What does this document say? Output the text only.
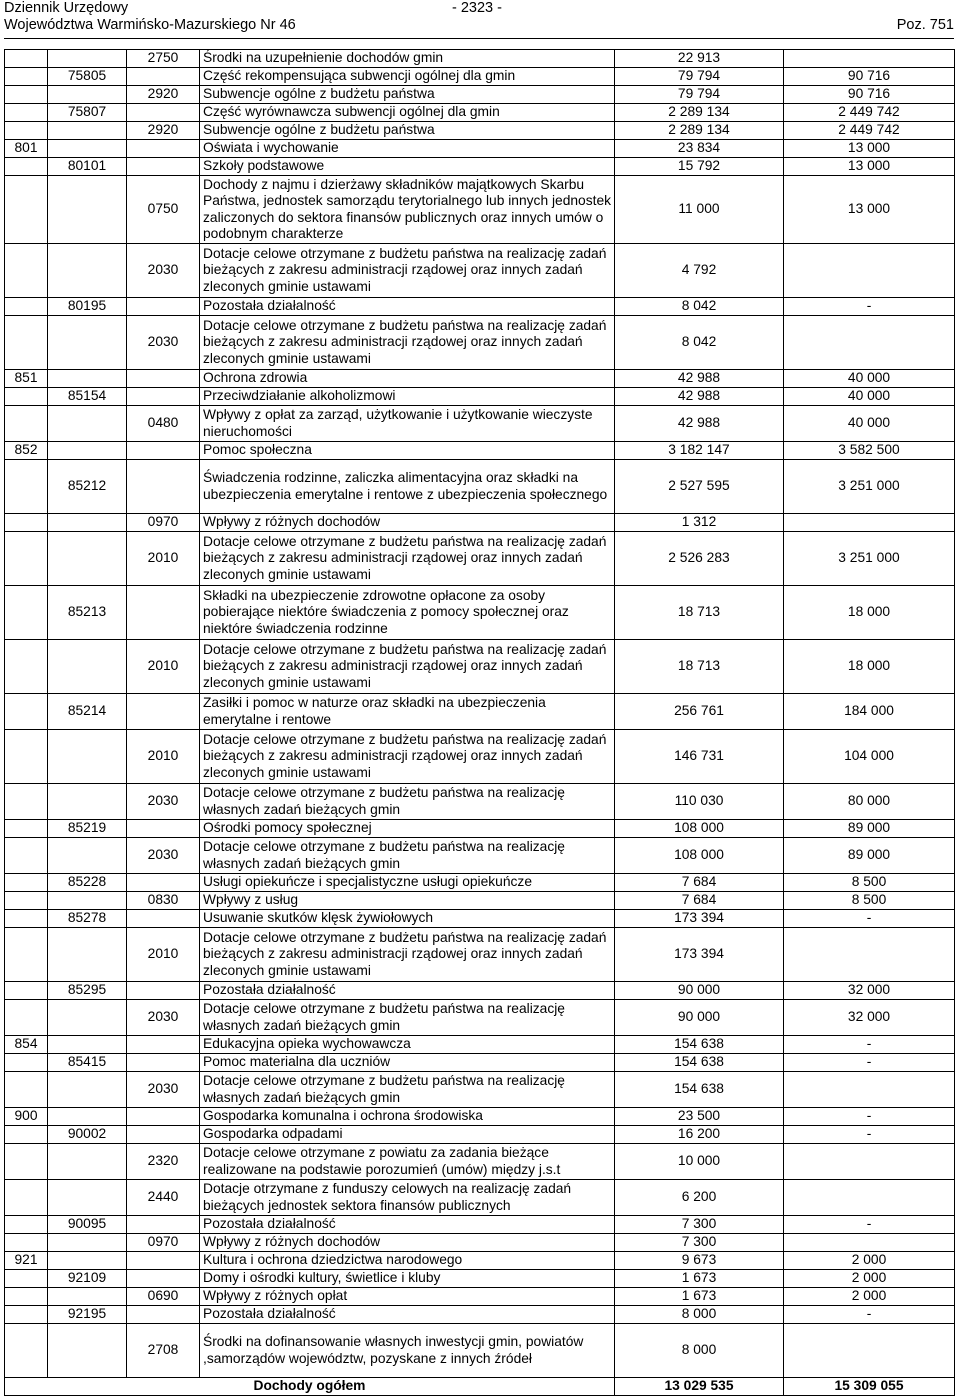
Dziennik Urzędowy	- 2323 -
Województwa Warmińsko-Mazurskiego Nr 46	Poz. 751
		2750	Środki na uzupełnienie dochodów gmin	22 913	
	75805		Część rekompensująca subwencji ogólnej dla gmin	79 794	90 716
		2920	Subwencje ogólne z budżetu państwa	79 794	90 716
	75807		Część wyrównawcza subwencji ogólnej dla gmin	2 289 134	2 449 742
		2920	Subwencje ogólne z budżetu państwa	2 289 134	2 449 742
801			Oświata i wychowanie	23 834	13 000
	80101		Szkoły podstawowe	15 792	13 000
		0750	Dochody z najmu i dzierżawy składników majątkowych Skarbu Państwa, jednostek samorządu terytorialnego lub innych jednostek zaliczonych do sektora finansów publicznych oraz innych umów o podobnym charakterze	11 000	13 000
		2030	Dotacje celowe otrzymane z budżetu państwa na realizację zadań bieżących z zakresu administracji rządowej oraz innych zadań zleconych gminie ustawami	4 792	
	80195		Pozostała działalność	8 042	-
		2030	Dotacje celowe otrzymane z budżetu państwa na realizację zadań bieżących z zakresu administracji rządowej oraz innych zadań zleconych gminie ustawami	8 042	
851			Ochrona zdrowia	42 988	40 000
	85154		Przeciwdziałanie alkoholizmowi	42 988	40 000
		0480	Wpływy z opłat za zarząd, użytkowanie i użytkowanie wieczyste nieruchomości	42 988	40 000
852			Pomoc społeczna	3 182 147	3 582 500
	85212		Świadczenia rodzinne, zaliczka alimentacyjna oraz składki na ubezpieczenia emerytalne i rentowe z ubezpieczenia społecznego	2 527 595	3 251 000
		0970	Wpływy z różnych dochodów	1 312	
		2010	Dotacje celowe otrzymane z budżetu państwa na realizację zadań bieżących z zakresu administracji rządowej oraz innych zadań zleconych gminie ustawami	2 526 283	3 251 000
	85213		Składki na ubezpieczenie zdrowotne opłacone za osoby pobierające niektóre świadczenia z pomocy społecznej oraz niektóre świadczenia rodzinne	18 713	18 000
		2010	Dotacje celowe otrzymane z budżetu państwa na realizację zadań bieżących z zakresu administracji rządowej oraz innych zadań zleconych gminie ustawami	18 713	18 000
	85214		Zasiłki i pomoc w naturze oraz składki na ubezpieczenia emerytalne i rentowe	256 761	184 000
		2010	Dotacje celowe otrzymane z budżetu państwa na realizację zadań bieżących z zakresu administracji rządowej oraz innych zadań zleconych gminie ustawami	146 731	104 000
		2030	Dotacje celowe otrzymane z budżetu państwa na realizację własnych zadań bieżących gmin	110 030	80 000
	85219		Ośrodki pomocy społecznej	108 000	89 000
		2030	Dotacje celowe otrzymane z budżetu państwa na realizację własnych zadań bieżących gmin	108 000	89 000
	85228		Usługi opiekuńcze i specjalistyczne usługi opiekuńcze	7 684	8 500
		0830	Wpływy z usług	7 684	8 500
	85278		Usuwanie skutków klęsk żywiołowych	173 394	-
		2010	Dotacje celowe otrzymane z budżetu państwa na realizację zadań bieżących z zakresu administracji rządowej oraz innych zadań zleconych gminie ustawami	173 394	
	85295		Pozostała działalność	90 000	32 000
		2030	Dotacje celowe otrzymane z budżetu państwa na realizację własnych zadań bieżących gmin	90 000	32 000
854			Edukacyjna opieka wychowawcza	154 638	-
	85415		Pomoc materialna dla uczniów	154 638	-
		2030	Dotacje celowe otrzymane z budżetu państwa na realizację własnych zadań bieżących gmin	154 638	
900			Gospodarka komunalna i ochrona środowiska	23 500	-
	90002		Gospodarka odpadami	16 200	-
		2320	Dotacje celowe otrzymane z powiatu za zadania bieżące realizowane na podstawie porozumień (umów) między j.s.t	10 000	
		2440	Dotacje otrzymane z funduszy celowych na realizację zadań bieżących jednostek sektora finansów publicznych	6 200	
	90095		Pozostała działalność	7 300	-
		0970	Wpływy z różnych dochodów	7 300	
921			Kultura i ochrona dziedzictwa narodowego	9 673	2 000
	92109		Domy i ośrodki kultury, świetlice i kluby	1 673	2 000
		0690	Wpływy z różnych opłat	1 673	2 000
	92195		Pozostała działalność	8 000	-
		2708	Środki na dofinansowanie własnych inwestycji gmin, powiatów ,samorządów województw, pozyskane z innych źródeł	8 000	
Dochody ogółem				13 029 535	15 309 055
